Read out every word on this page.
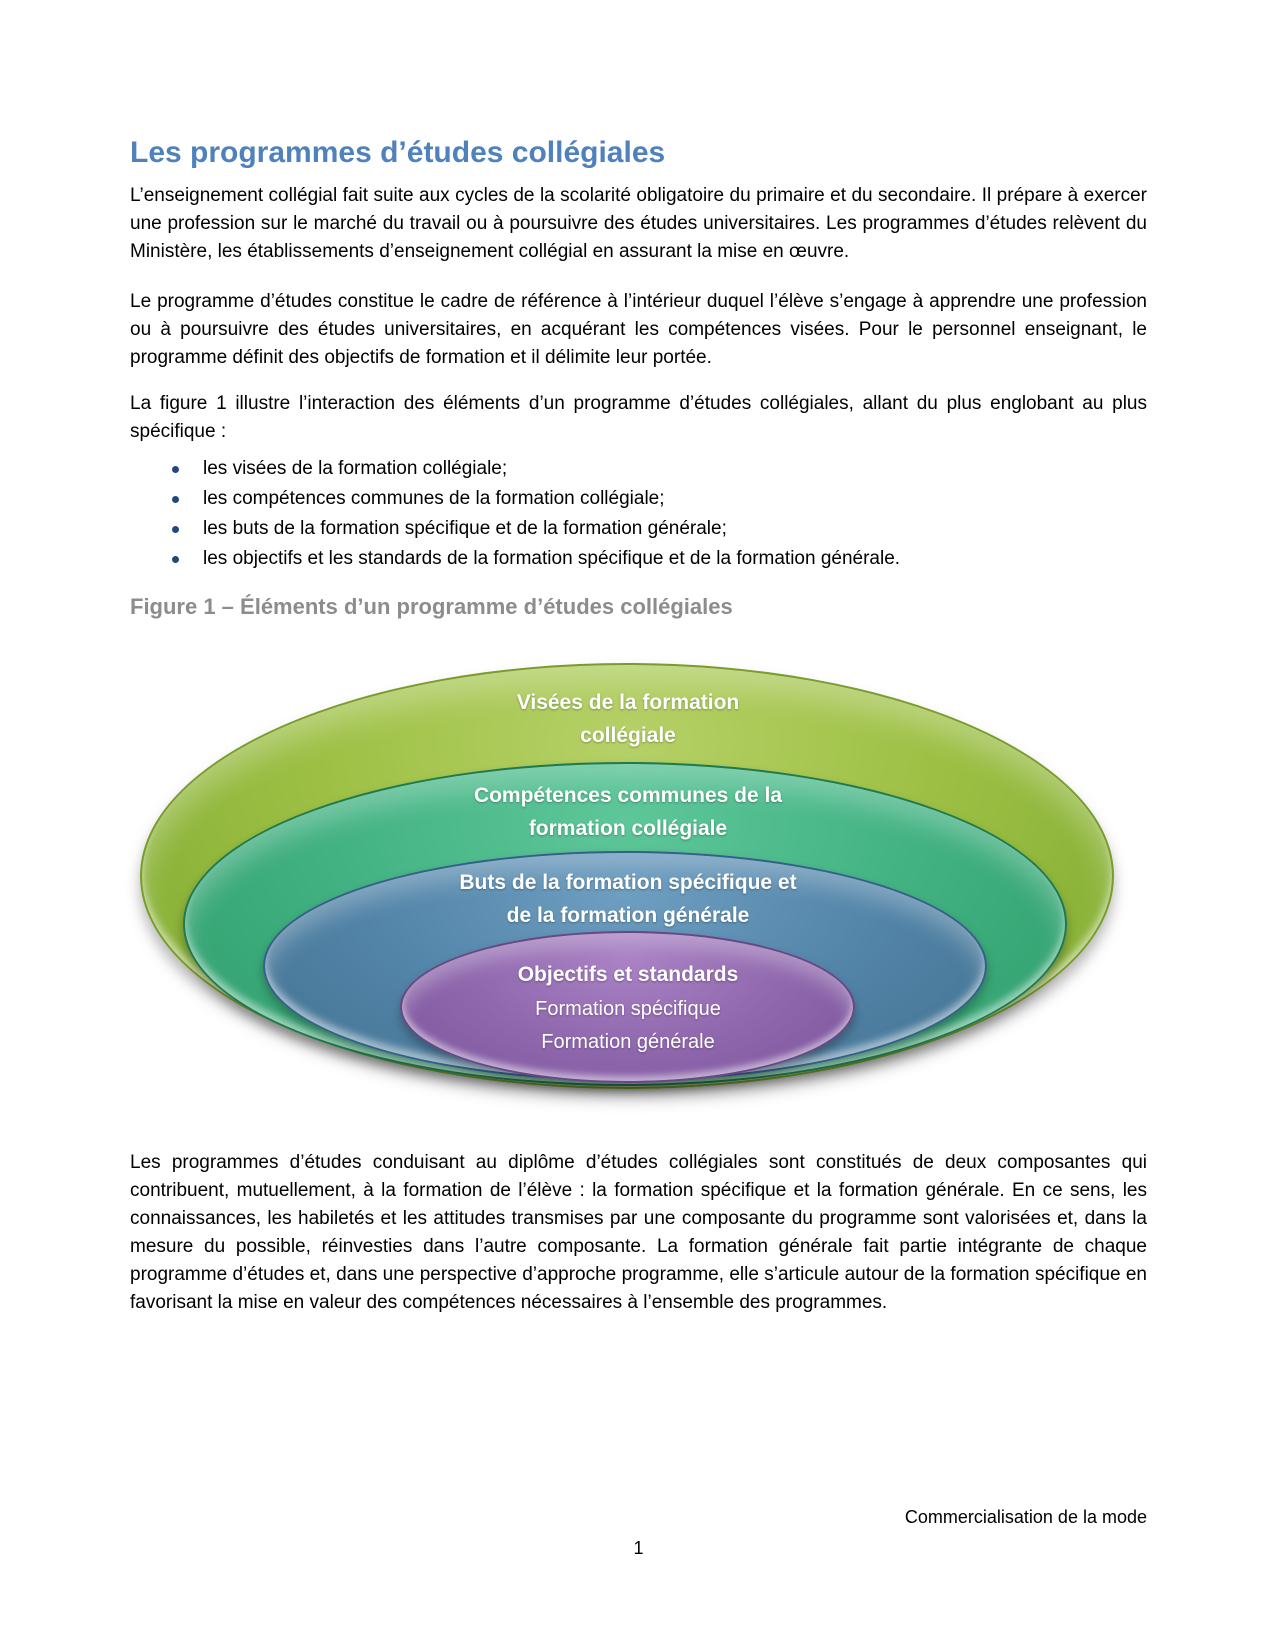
Les programmes d’études collégiales

L’enseignement collégial fait suite aux cycles de la scolarité obligatoire du primaire et du secondaire. Il prépare à exercer une profession sur le marché du travail ou à poursuivre des études universitaires. Les programmes d’études relèvent du Ministère, les établissements d’enseignement collégial en assurant la mise en œuvre.

Le programme d’études constitue le cadre de référence à l’intérieur duquel l’élève s’engage à apprendre une profession ou à poursuivre des études universitaires, en acquérant les compétences visées. Pour le personnel enseignant, le programme définit des objectifs de formation et il délimite leur portée.

La figure 1 illustre l’interaction des éléments d’un programme d’études collégiales, allant du plus englobant au plus spécifique :

les visées de la formation collégiale;
les compétences communes de la formation collégiale;
les buts de la formation spécifique et de la formation générale;
les objectifs et les standards de la formation spécifique et de la formation générale.
Figure 1 – Éléments d’un programme d’études collégiales
Visées de la formation collégiale
Compétences communes de la formation collégiale
Buts de la formation spécifique et de la formation générale
Objectifs et standards
Formation spécifique
Formation générale

Les programmes d’études conduisant au diplôme d’études collégiales sont constitués de deux composantes qui contribuent, mutuellement, à la formation de l’élève : la formation spécifique et la formation générale. En ce sens, les connaissances, les habiletés et les attitudes transmises par une composante du programme sont valorisées et, dans la mesure du possible, réinvesties dans l’autre composante. La formation générale fait partie intégrante de chaque programme d’études et, dans une perspective d’approche programme, elle s’articule autour de la formation spécifique en favorisant la mise en valeur des compétences nécessaires à l’ensemble des programmes.

Commercialisation de la mode
1
